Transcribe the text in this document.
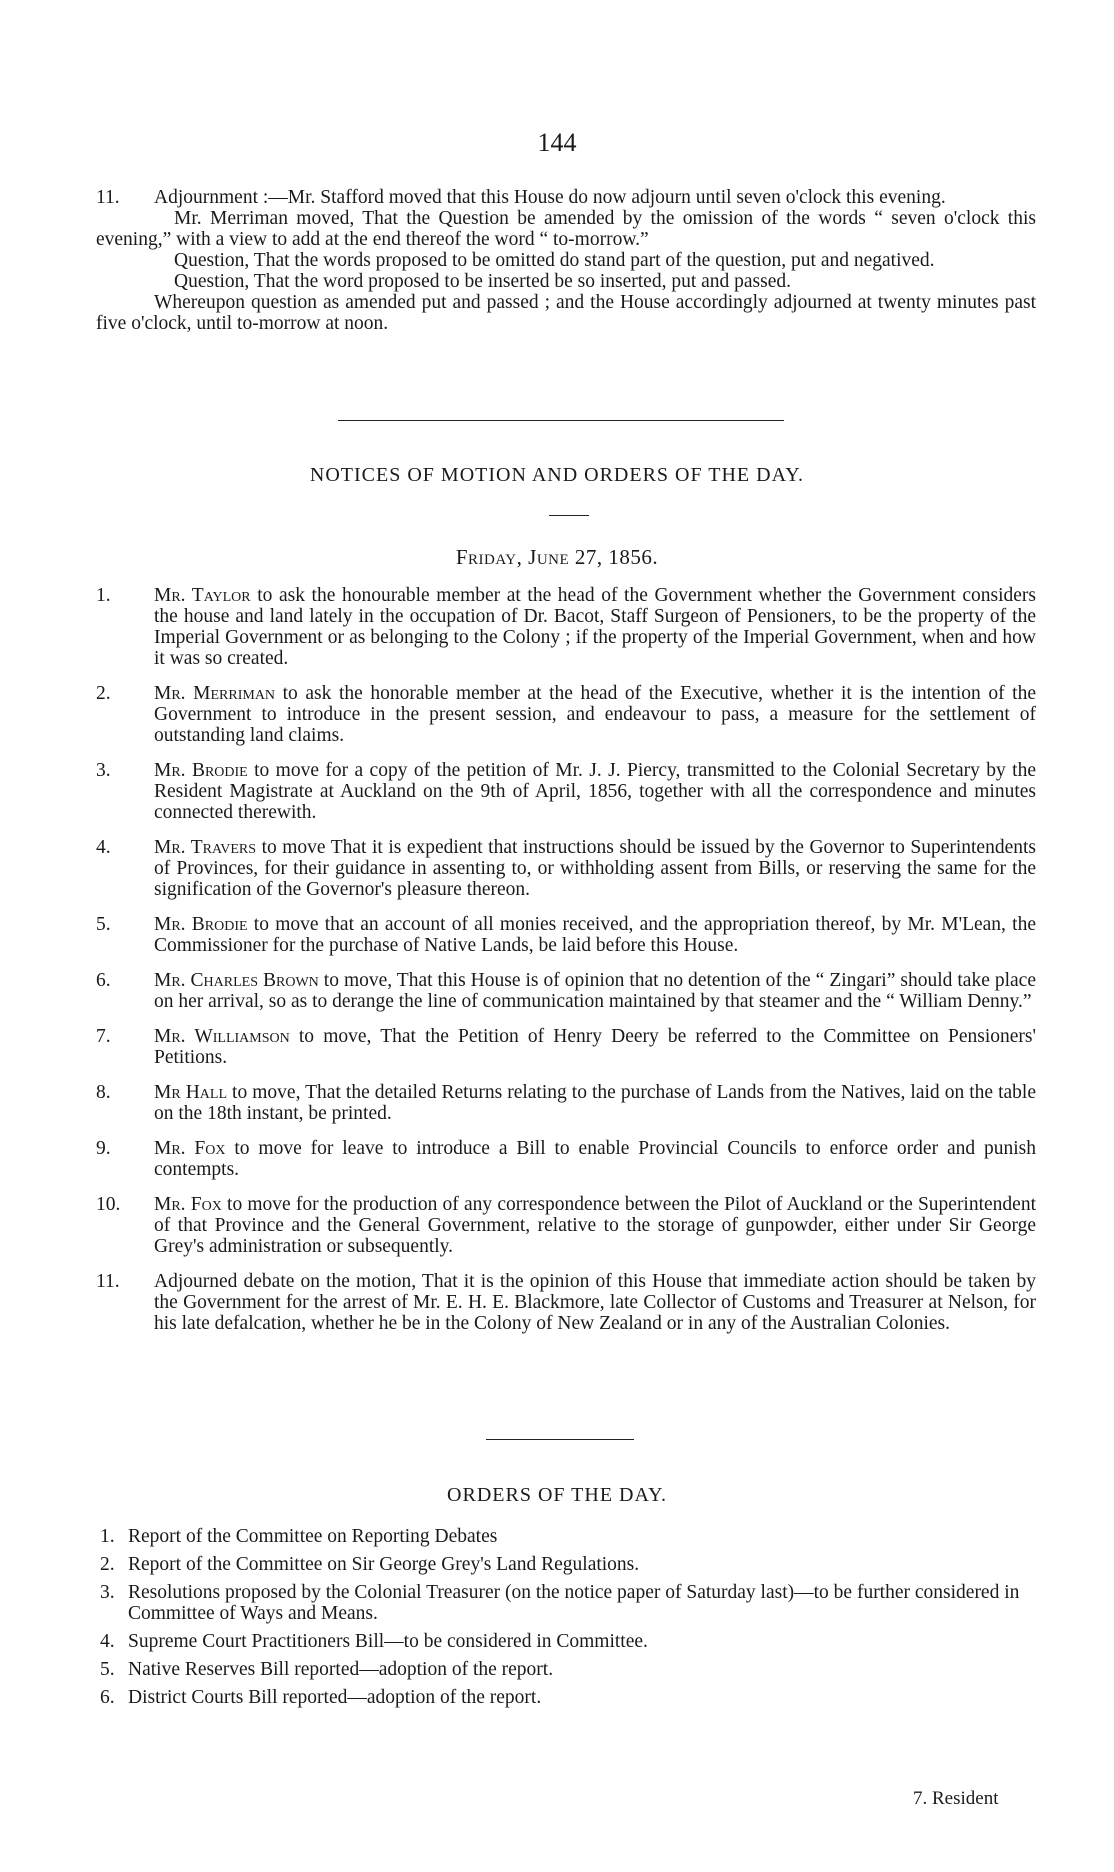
144
11.	Adjournment :—Mr. Stafford moved that this House do now adjourn until seven o'clock this evening.

Mr. Merriman moved, That the Question be amended by the omission of the words “ seven o'clock this evening,” with a view to add at the end thereof the word “ to-morrow.”

Question, That the words proposed to be omitted do stand part of the question, put and negatived.

Question, That the word proposed to be inserted be so inserted, put and passed.

Whereupon question as amended put and passed ; and the House accordingly adjourned at twenty minutes past five o'clock, until to-morrow at noon.

NOTICES OF MOTION AND ORDERS OF THE DAY.
Friday, June 27, 1856.
1.	Mr. Taylor to ask the honourable member at the head of the Government whether the Government considers the house and land lately in the occupation of Dr. Bacot, Staff Surgeon of Pensioners, to be the property of the Imperial Government or as belonging to the Colony ; if the property of the Imperial Government, when and how it was so created.
2.	Mr. Merriman to ask the honorable member at the head of the Executive, whether it is the intention of the Government to introduce in the present session, and endeavour to pass, a measure for the settlement of outstanding land claims.
3.	Mr. Brodie to move for a copy of the petition of Mr. J. J. Piercy, transmitted to the Colonial Secretary by the Resident Magistrate at Auckland on the 9th of April, 1856, together with all the correspondence and minutes connected therewith.
4.	Mr. Travers to move That it is expedient that instructions should be issued by the Governor to Superintendents of Provinces, for their guidance in assenting to, or withholding assent from Bills, or reserving the same for the signification of the Governor's pleasure thereon.
5.	Mr. Brodie to move that an account of all monies received, and the appropriation thereof, by Mr. M'Lean, the Commissioner for the purchase of Native Lands, be laid before this House.
6.	Mr. Charles Brown to move, That this House is of opinion that no detention of the “ Zingari” should take place on her arrival, so as to derange the line of communication maintained by that steamer and the “ William Denny.”
7.	Mr. Williamson to move, That the Petition of Henry Deery be referred to the Committee on Pensioners' Petitions.
8.	Mr Hall to move, That the detailed Returns relating to the purchase of Lands from the Natives, laid on the table on the 18th instant, be printed.
9.	Mr. Fox to move for leave to introduce a Bill to enable Provincial Councils to enforce order and punish contempts.
10.	Mr. Fox to move for the production of any correspondence between the Pilot of Auckland or the Superintendent of that Province and the General Government, relative to the storage of gunpowder, either under Sir George Grey's administration or subsequently.
11.	Adjourned debate on the motion, That it is the opinion of this House that immediate action should be taken by the Government for the arrest of Mr. E. H. E. Blackmore, late Collector of Customs and Treasurer at Nelson, for his late defalcation, whether he be in the Colony of New Zealand or in any of the Australian Colonies.
ORDERS OF THE DAY.
1. Report of the Committee on Reporting Debates
2. Report of the Committee on Sir George Grey's Land Regulations.
3. Resolutions proposed by the Colonial Treasurer (on the notice paper of Saturday last)—to be further considered in Committee of Ways and Means.
4. Supreme Court Practitioners Bill—to be considered in Committee.
5. Native Reserves Bill reported—adoption of the report.
6. District Courts Bill reported—adoption of the report.
7. Resident
